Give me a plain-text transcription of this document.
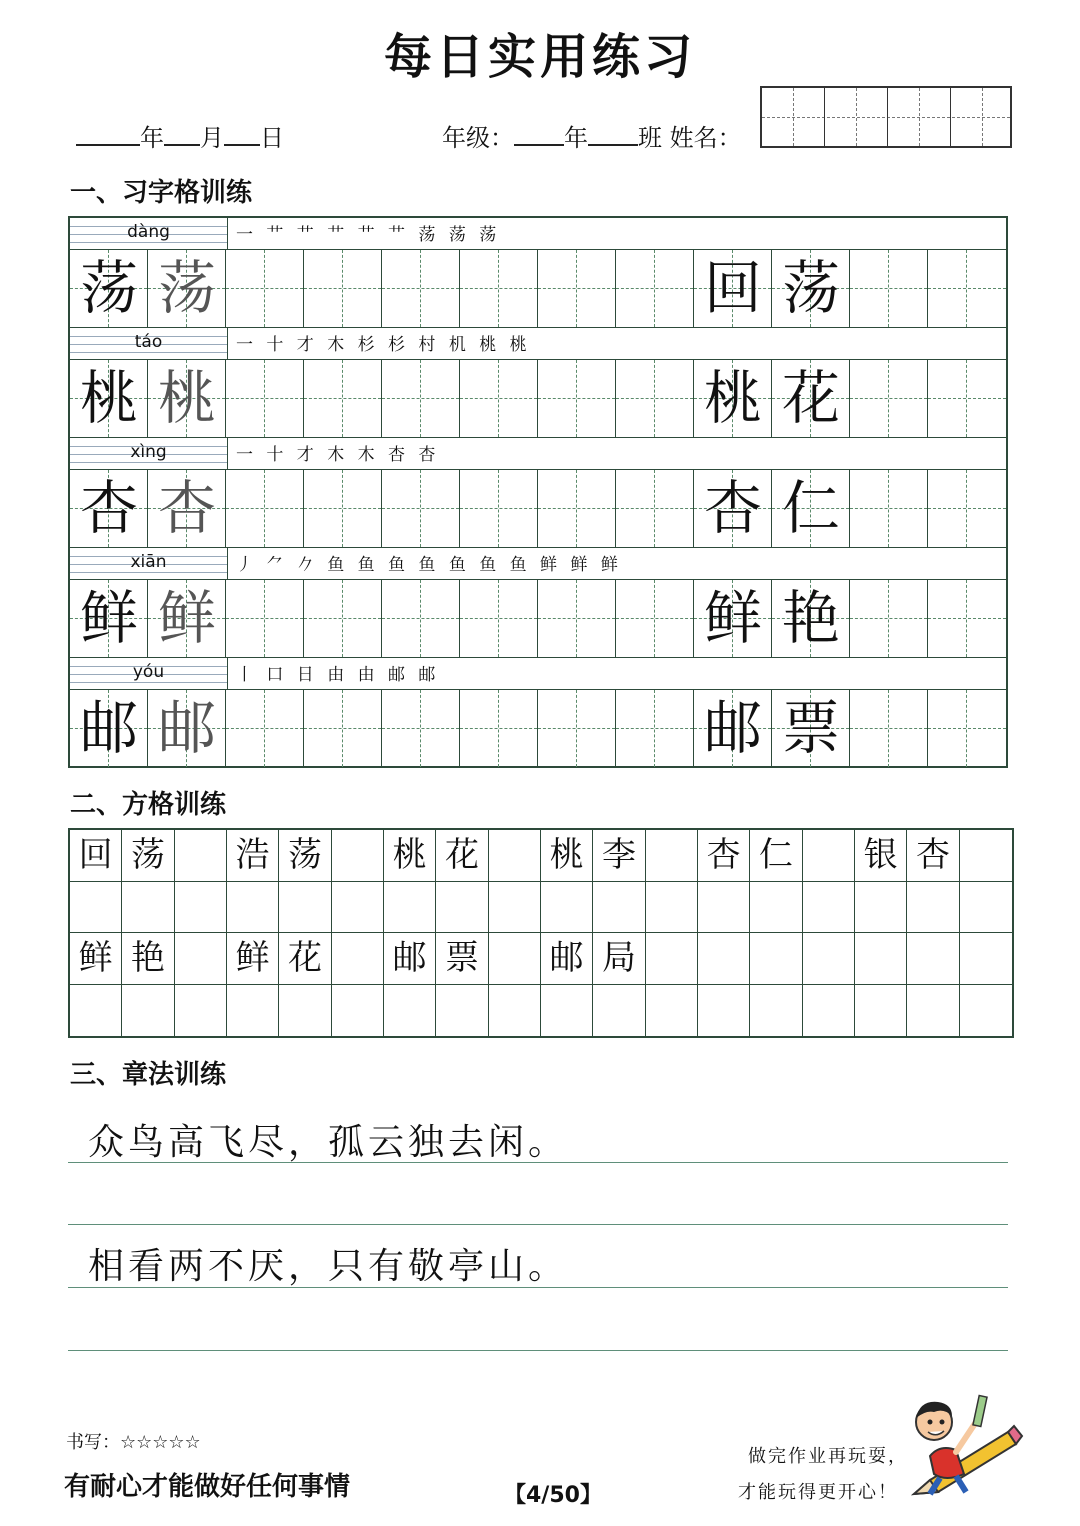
每日实用练习
年 月 日	年级： 年 班 姓名：
一、习字格训练
dàng	一 艹 艹 艹 艹 艹 荡 荡 荡
荡 荡	回 荡
táo	一 十 才 木 杉 杉 村 机 桃 桃
桃 桃	桃 花
xìng	一 十 才 木 木 杏 杏
杏 杏	杏 仁
xiān	丿 ⺈ 𠂊 鱼 鱼 鱼 鱼 鱼 鱼 鱼 鲜 鲜 鲜
鲜 鲜	鲜 艳
yóu	丨 口 日 由 由 邮 邮
邮 邮	邮 票
二、方格训练
回 荡 浩 荡 桃 花 桃 李 杏 仁 银 杏
鲜 艳 鲜 花 邮 票 邮 局
三、章法训练
众鸟高飞尽，孤云独去闲。
相看两不厌，只有敬亭山。
书写：☆☆☆☆☆
有耐心才能做好任何事情	【4/50】
做完作业再玩耍，
才能玩得更开心！
